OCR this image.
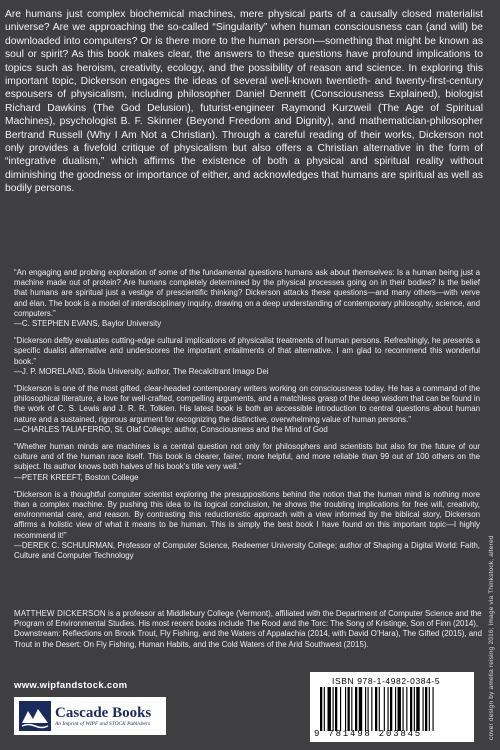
Are humans just complex biochemical machines, mere physical parts of a causally closed materialist universe? Are we approaching the so-called “Singularity” when human consciousness can (and will) be downloaded into computers? Or is there more to the human person—something that might be known as soul or spirit? As this book makes clear, the answers to these questions have profound implications to topics such as heroism, creativity, ecology, and the possibility of reason and science. In exploring this important topic, Dickerson engages the ideas of several well-known twentieth- and twenty-first-century espousers of physicalism, including philosopher Daniel Dennett (Consciousness Explained), biologist Richard Dawkins (The God Delusion), futurist-engineer Raymond Kurzweil (The Age of Spiritual Machines), psychologist B. F. Skinner (Beyond Freedom and Dignity), and mathematician-philosopher Bertrand Russell (Why I Am Not a Christian). Through a careful reading of their works, Dickerson not only provides a fivefold critique of physicalism but also offers a Christian alternative in the form of “integrative dualism,” which affirms the existence of both a physical and spiritual reality without diminishing the goodness or importance of either, and acknowledges that humans are spiritual as well as bodily persons.

“An engaging and probing exploration of some of the fundamental questions humans ask about themselves: Is a human being just a machine made out of protein? Are humans completely determined by the physical processes going on in their bodies? Is the belief that humans are spiritual just a vestige of prescientific thinking? Dickerson attacks these questions—and many others—with verve and élan. The book is a model of interdisciplinary inquiry, drawing on a deep understanding of contemporary philosophy, science, and computers.”
—C. STEPHEN EVANS, Baylor University
“Dickerson deftly evaluates cutting-edge cultural implications of physicalist treatments of human persons. Refreshingly, he presents a specific dualist alternative and underscores the important entailments of that alternative. I am glad to recommend this wonderful book.”
—J. P. MORELAND, Biola University; author, The Recalcitrant Imago Dei
“Dickerson is one of the most gifted, clear-headed contemporary writers working on consciousness today. He has a command of the philosophical literature, a love for well-crafted, compelling arguments, and a matchless grasp of the deep wisdom that can be found in the work of C. S. Lewis and J. R. R. Tolkien. His latest book is both an accessible introduction to central questions about human nature and a sustained, rigorous argument for recognizing the distinctive, overwhelming value of human persons.”
—CHARLES TALIAFERRO, St. Olaf College; author, Consciousness and the Mind of God
“Whether human minds are machines is a central question not only for philosophers and scientists but also for the future of our culture and of the human race itself. This book is clearer, fairer, more helpful, and more reliable than 99 out of 100 others on the subject. Its author knows both halves of his book’s title very well.”
—PETER KREEFT, Boston College
“Dickerson is a thoughtful computer scientist exploring the presuppositions behind the notion that the human mind is nothing more than a complex machine. By pushing this idea to its logical conclusion, he shows the troubling implications for free will, creativity, environmental care, and reason. By contrasting this reductionistic approach with a view informed by the biblical story, Dickerson affirms a holistic view of what it means to be human. This is simply the best book I have found on this important topic—I highly recommend it!”
—DEREK C. SCHUURMAN, Professor of Computer Science, Redeemer University College; author of Shaping a Digital World: Faith, Culture and Computer Technology

MATTHEW DICKERSON is a professor at Middlebury College (Vermont), affiliated with the Department of Computer Science and the Program of Environmental Studies. His most recent books include The Rood and the Torc: The Song of Kristinge, Son of Finn (2014), Downstream: Reflections on Brook Trout, Fly Fishing, and the Waters of Appalachia (2014, with David O’Hara), The Gifted (2015), and Trout in the Desert: On Fly Fishing, Human Habits, and the Cold Waters of the Arid Southwest (2015).

www.wipfandstock.com
Cascade Books
An Imprint of WIPF and STOCK Publishers
ISBN 978-1-4982-0384-5
9 781498 203845	cover design by amelia reising 2016; image via Thinkstock, altered
